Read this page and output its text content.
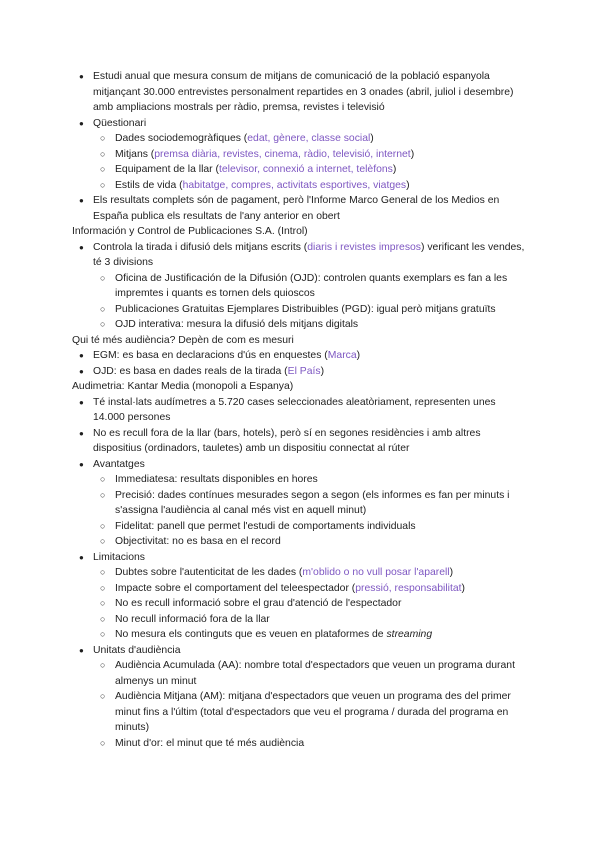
● Estudi anual que mesura consum de mitjans de comunicació de la població espanyola mitjançant 30.000 entrevistes personalment repartides en 3 onades (abril, juliol i desembre) amb ampliacions mostrals per ràdio, premsa, revistes i televisió
● Qüestionari
○ Dades sociodemogràfiques (edat, gènere, classe social)
○ Mitjans (premsa diària, revistes, cinema, ràdio, televisió, internet)
○ Equipament de la llar (televisor, connexió a internet, telèfons)
○ Estils de vida (habitatge, compres, activitats esportives, viatges)
● Els resultats complets són de pagament, però l'Informe Marco General de los Medios en España publica els resultats de l'any anterior en obert
Información y Control de Publicaciones S.A. (Introl)
● Controla la tirada i difusió dels mitjans escrits (diaris i revistes impresos) verificant les vendes, té 3 divisions
○ Oficina de Justificación de la Difusión (OJD): controlen quants exemplars es fan a les impremtes i quants es tornen dels quioscos
○ Publicaciones Gratuitas Ejemplares Distribuibles (PGD): igual però mitjans gratuïts
○ OJD interativa: mesura la difusió dels mitjans digitals
Qui té més audiència? Depèn de com es mesuri
● EGM: es basa en declaracions d'ús en enquestes (Marca)
● OJD: es basa en dades reals de la tirada (El País)
Audimetria: Kantar Media (monopoli a Espanya)
● Té instal·lats audímetres a 5.720 cases seleccionades aleatòriament, representen unes 14.000 persones
● No es recull fora de la llar (bars, hotels), però sí en segones residències i amb altres dispositius (ordinadors, tauletes) amb un dispositiu connectat al rúter
● Avantatges
○ Immediatesa: resultats disponibles en hores
○ Precisió: dades contínues mesurades segon a segon (els informes es fan per minuts i s'assigna l'audiència al canal més vist en aquell minut)
○ Fidelitat: panell que permet l'estudi de comportaments individuals
○ Objectivitat: no es basa en el record
● Limitacions
○ Dubtes sobre l'autenticitat de les dades (m'oblido o no vull posar l'aparell)
○ Impacte sobre el comportament del teleespectador (pressió, responsabilitat)
○ No es recull informació sobre el grau d'atenció de l'espectador
○ No recull informació fora de la llar
○ No mesura els continguts que es veuen en plataformes de streaming
● Unitats d'audiència
○ Audiència Acumulada (AA): nombre total d'espectadors que veuen un programa durant almenys un minut
○ Audiència Mitjana (AM): mitjana d'espectadors que veuen un programa des del primer minut fins a l'últim (total d'espectadors que veu el programa / durada del programa en minuts)
○ Minut d'or: el minut que té més audiència
